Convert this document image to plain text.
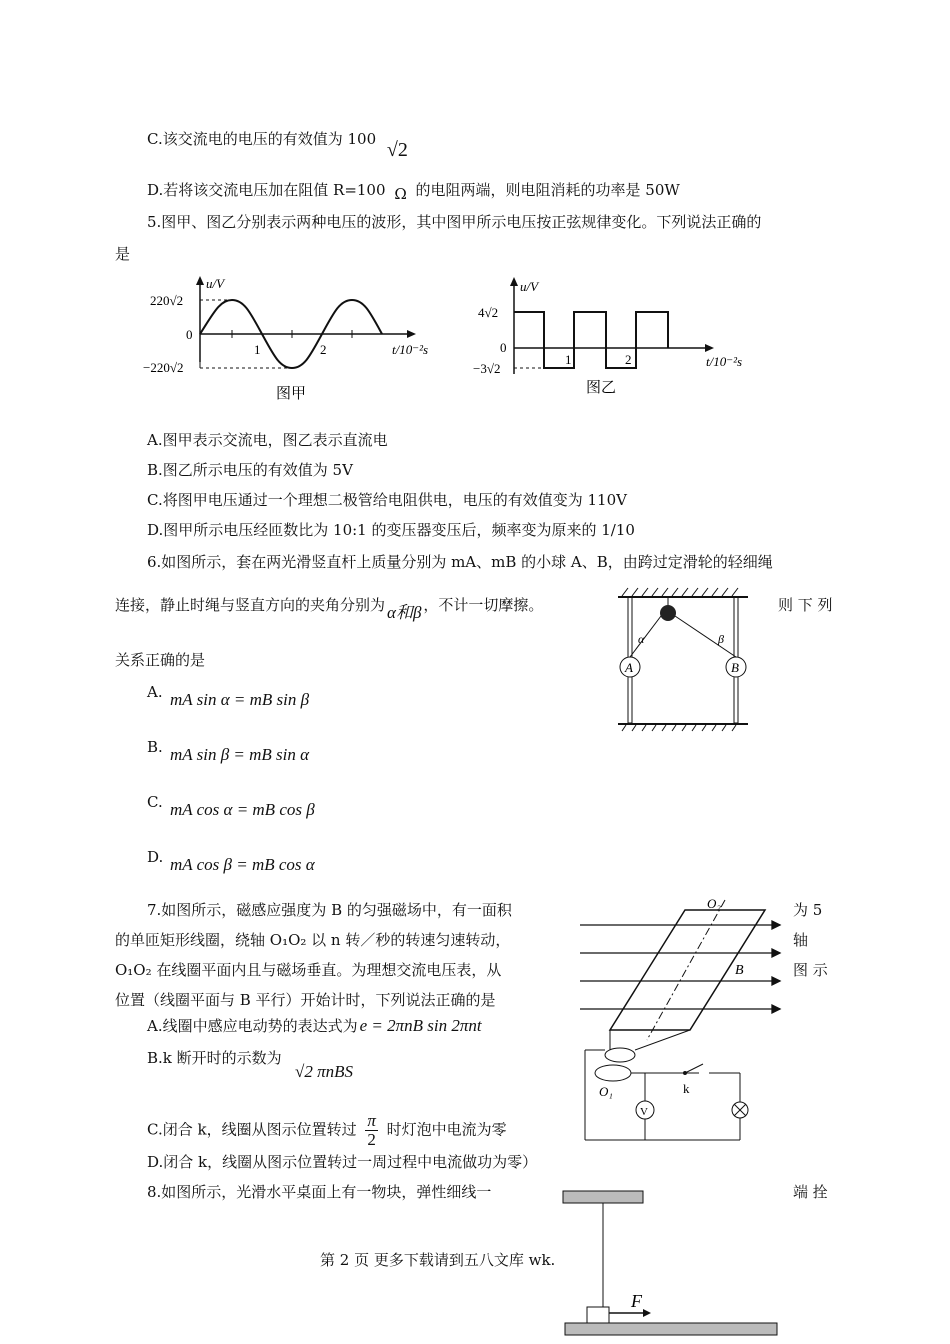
C.该交流电的电压的有效值为 100 √2
D.若将该交流电压加在阻值 R=100 Ω 的电阻两端，则电阻消耗的功率是 50W
5.图甲、图乙分别表示两种电压的波形，其中图甲所示电压按正弦规律变化。下列说法正确的
是
u/V
220√2
0
−220√2
1	2	t/10⁻²s
图甲
u/V
4√2
0
−3√2
1	2	t/10⁻²s
图乙
A.图甲表示交流电，图乙表示直流电
B.图乙所示电压的有效值为 5V
C.将图甲电压通过一个理想二极管给电阻供电，电压的有效值变为 110V
D.图甲所示电压经匝数比为 10:1 的变压器变压后，频率变为原来的 1/10
6.如图所示，套在两光滑竖直杆上质量分别为 mA、mB 的小球 A、B，由跨过定滑轮的轻细绳
连接，静止时绳与竖直方向的夹角分别为 α和β ，不计一切摩擦。	则 下 列
关系正确的是
A. mA sin α = mB sin β
B. mA sin β = mB sin α
C. mA cos α = mB cos β
D. mA cos β = mB cos α
A	B
α	β
7.如图所示，磁感应强度为 B 的匀强磁场中，有一面积	为 5
的单匝矩形线圈，绕轴 O₁O₂ 以 n 转／秒的转速匀速转动，	轴
O₁O₂ 在线圈平面内且与磁场垂直。为理想交流电压表，从	图 示
位置（线圈平面与 B 平行）开始计时，下列说法正确的是
A.线圈中感应电动势的表达式为 e = 2πnB sin 2πnt
B.k 断开时的示数为
√2 πnBS
C.闭合 k，线圈从图示位置转过 $\frac{\pi}{2}$ 时灯泡中电流为零
D.闭合 k，线圈从图示位置转过一周过程中电流做功为零）
V
O₂
B
O₁	k
8.如图所示，光滑水平桌面上有一物块，弹性细线一	端 拴
F
第 2 页 更多下载请到五八文库 wk.
